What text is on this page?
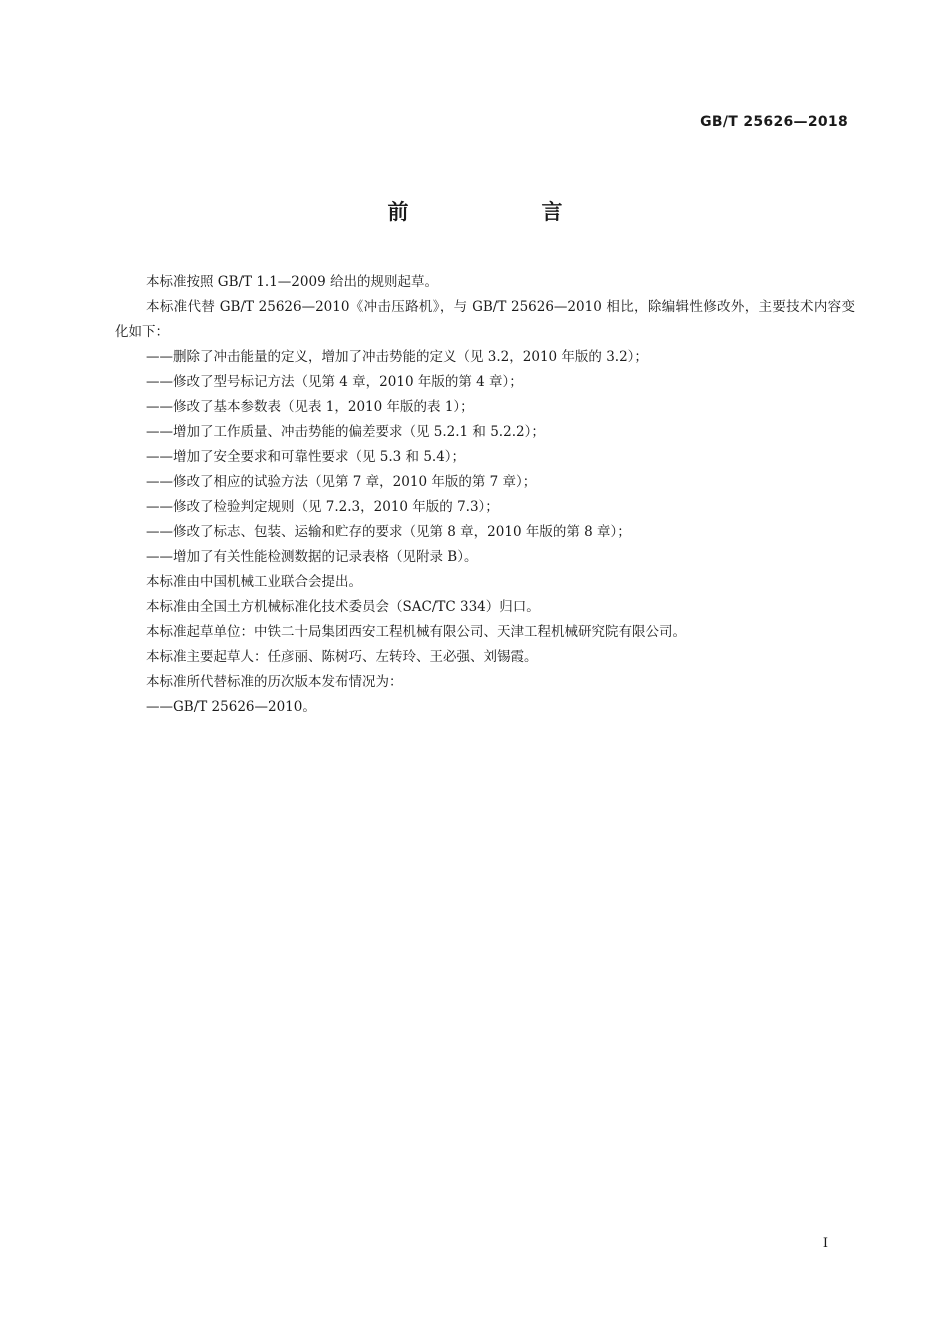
GB/T 25626—2018
前　言

本标准按照 GB/T 1.1—2009 给出的规则起草。

本标准代替 GB/T 25626—2010《冲击压路机》，与 GB/T 25626—2010 相比，除编辑性修改外，主要技术内容变化如下：

——删除了冲击能量的定义，增加了冲击势能的定义（见 3.2，2010 年版的 3.2）；

——修改了型号标记方法（见第 4 章，2010 年版的第 4 章）；

——修改了基本参数表（见表 1，2010 年版的表 1）；

——增加了工作质量、冲击势能的偏差要求（见 5.2.1 和 5.2.2）；

——增加了安全要求和可靠性要求（见 5.3 和 5.4）；

——修改了相应的试验方法（见第 7 章，2010 年版的第 7 章）；

——修改了检验判定规则（见 7.2.3，2010 年版的 7.3）；

——修改了标志、包装、运输和贮存的要求（见第 8 章，2010 年版的第 8 章）；

——增加了有关性能检测数据的记录表格（见附录 B）。

本标准由中国机械工业联合会提出。

本标准由全国土方机械标准化技术委员会（SAC/TC 334）归口。

本标准起草单位：中铁二十局集团西安工程机械有限公司、天津工程机械研究院有限公司。

本标准主要起草人：任彦丽、陈树巧、左转玲、王必强、刘锡霞。

本标准所代替标准的历次版本发布情况为：

——GB/T 25626—2010。

I
